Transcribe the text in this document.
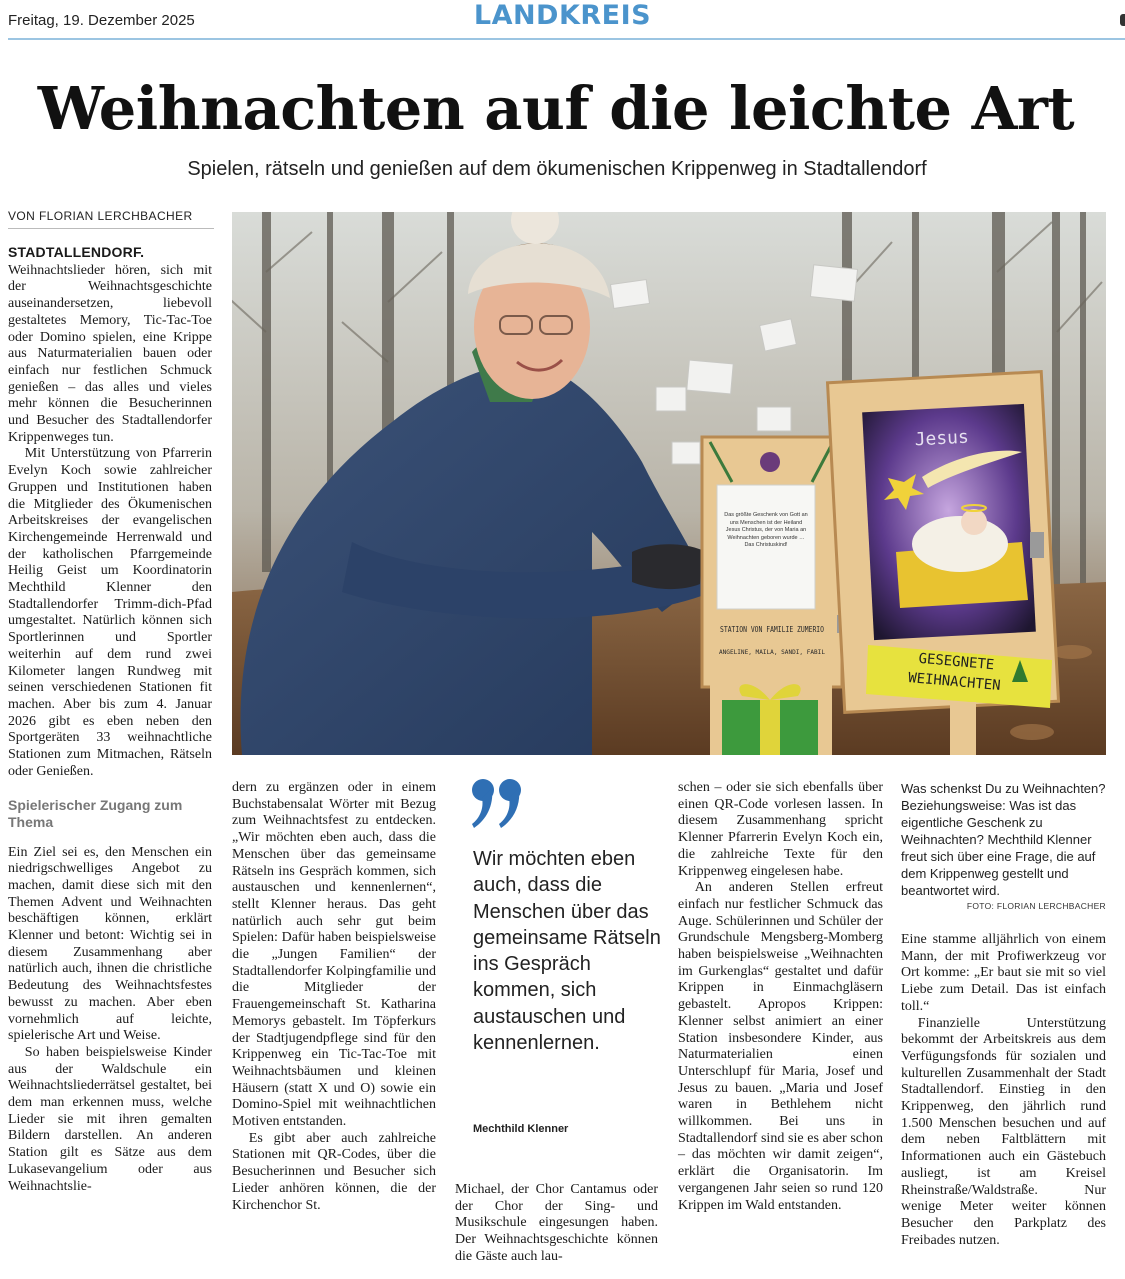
Freitag, 19. Dezember 2025	LANDKREIS
Weihnachten auf die leichte Art
Spielen, rätseln und genießen auf dem ökumenischen Krippenweg in Stadtallendorf
VON FLORIAN LERCHBACHER

STADTALLENDORF. Weihnachtslieder hören, sich mit der Weihnachtsgeschichte auseinandersetzen, liebevoll gestaltetes Memory, Tic-Tac-Toe oder Domino spielen, eine Krippe aus Naturmaterialien bauen oder einfach nur festlichen Schmuck genießen – das alles und vieles mehr können die Besucherinnen und Besucher des Stadtallendorfer Krippenweges tun.

Mit Unterstützung von Pfarrerin Evelyn Koch sowie zahlreicher Gruppen und Institutionen haben die Mitglieder des Ökumenischen Arbeitskreises der evangelischen Kirchengemeinde Herrenwald und der katholischen Pfarrgemeinde Heilig Geist um Koordinatorin Mechthild Klenner den Stadtallendorfer Trimm-dich-Pfad umgestaltet. Natürlich können sich Sportlerinnen und Sportler weiterhin auf dem rund zwei Kilometer langen Rundweg mit seinen verschiedenen Stationen fit machen. Aber bis zum 4. Januar 2026 gibt es eben neben den Sportgeräten 33 weihnachtliche Stationen zum Mitmachen, Rätseln oder Genießen.

Spielerischer Zugang zum Thema

Ein Ziel sei es, den Menschen ein niedrigschwelliges Angebot zu machen, damit diese sich mit den Themen Advent und Weihnachten beschäftigen können, erklärt Klenner und betont: Wichtig sei in diesem Zusammenhang aber natürlich auch, ihnen die christliche Bedeutung des Weihnachtsfestes bewusst zu machen. Aber eben vornehmlich auf leichte, spielerische Art und Weise.

So haben beispielsweise Kinder aus der Waldschule ein Weihnachtsliederrätsel gestaltet, bei dem man erkennen muss, welche Lieder sie mit ihren gemalten Bildern darstellen. An anderen Station gilt es Sätze aus dem Lukasevangelium oder aus Weihnachtslie-

dern zu ergänzen oder in einem Buchstabensalat Wörter mit Bezug zum Weihnachtsfest zu entdecken. „Wir möchten eben auch, dass die Menschen über das gemeinsame Rätseln ins Gespräch kommen, sich austauschen und kennenlernen“, stellt Klenner heraus. Das geht natürlich auch sehr gut beim Spielen: Dafür haben beispielsweise die „Jungen Familien“ der Stadtallendorfer Kolpingfamilie und die Mitglieder der Frauengemeinschaft St. Katharina Memorys gebastelt. Im Töpferkurs der Stadtjugendpflege sind für den Krippenweg ein Tic-Tac-Toe mit Weihnachtsbäumen und kleinen Häusern (statt X und O) sowie ein Domino-Spiel mit weihnachtlichen Motiven entstanden.

Es gibt aber auch zahlreiche Stationen mit QR-Codes, über die Besucherinnen und Besucher sich Lieder anhören können, die der Kirchenchor St.

Wir möchten eben auch, dass die Menschen über das gemeinsame Rätseln ins Gespräch kommen, sich austauschen und kennenlernen.
Mechthild Klenner

Michael, der Chor Cantamus oder der Chor der Sing- und Musikschule eingesungen haben. Der Weihnachtsgeschichte können die Gäste auch lau-

schen – oder sie sich ebenfalls über einen QR-Code vorlesen lassen. In diesem Zusammenhang spricht Klenner Pfarrerin Evelyn Koch ein, die zahlreiche Texte für den Krippenweg eingelesen habe.

An anderen Stellen erfreut einfach nur festlicher Schmuck das Auge. Schülerinnen und Schüler der Grundschule Mengsberg-Momberg haben beispielsweise „Weihnachten im Gurkenglas“ gestaltet und dafür Krippen in Einmachgläsern gebastelt. Apropos Krippen: Klenner selbst animiert an einer Station insbesondere Kinder, aus Naturmaterialien einen Unterschlupf für Maria, Josef und Jesus zu bauen. „Maria und Josef waren in Bethlehem nicht willkommen. Bei uns in Stadtallendorf sind sie es aber schon – das möchten wir damit zeigen“, erklärt die Organisatorin. Im vergangenen Jahr seien so rund 120 Krippen im Wald entstanden.

Was schenkst Du zu Weihnachten? Beziehungsweise: Was ist das eigentliche Geschenk zu Weihnachten? Mechthild Klenner freut sich über eine Frage, die auf dem Krippenweg gestellt und beantwortet wird.
FOTO: FLORIAN LERCHBACHER

Eine stamme alljährlich von einem Mann, der mit Profiwerkzeug vor Ort komme: „Er baut sie mit so viel Liebe zum Detail. Das ist einfach toll.“

Finanzielle Unterstützung bekommt der Arbeitskreis aus dem Verfügungsfonds für sozialen und kulturellen Zusammenhalt der Stadt Stadtallendorf. Einstieg in den Krippenweg, den jährlich rund 1.500 Menschen besuchen und auf dem neben Faltblättern mit Informationen auch ein Gästebuch ausliegt, ist am Kreisel Rheinstraße/Waldstraße. Nur wenige Meter weiter können Besucher den Parkplatz des Freibades nutzen.

Das größte Geschenk von Gott an uns Menschen ist der Heiland Jesus Christus, der von Maria an Weihnachten geboren wurde … Das Christuskind!
STATION VON FAMILIE ZUMERIO
ANGELINE, MAILA, SANDI, FABIL
Jesus
GESEGNETE
WEIHNACHTEN
